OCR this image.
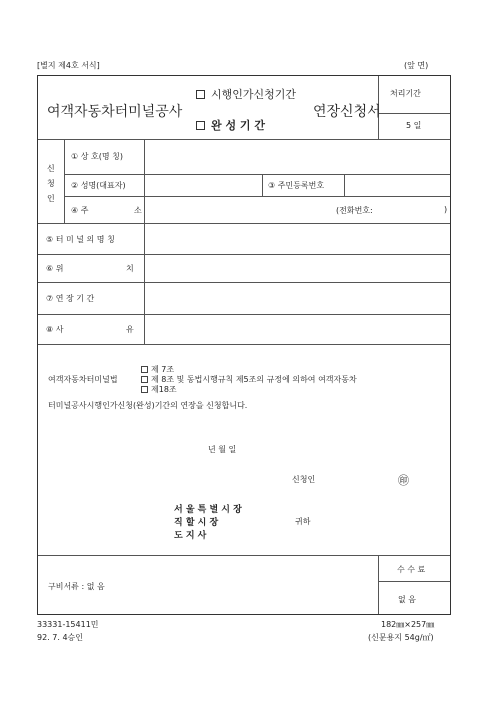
[별지 제4호 서식]	(앞 면)
여객자동차터미널공사
시행인가신청기간
완 성 기 간
연장신청서
처리기간
5 일
신
청
인
① 상 호(명 칭)
② 성명(대표자)	③ 주민등록번호
④ 주	소	(전화번호:	)
⑤ 터 미 널 의 명 칭
⑥ 위	치
⑦ 연 장 기 간
⑧ 사	유
여객자동차터미널법
제 7조
제 8조 및 동법시행규칙 제5조의 규정에 의하여 여객자동차
제18조
터미널공사시행인가신청(완성)기간의 연장을 신청합니다.
년 월 일
신청인	㊞
서 울 특 별 시 장
직 할 시 장
도 지 사
귀하
구비서류 : 없 음
수 수 료
없 음
33331-15411민	182㎜×257㎜
92. 7. 4승인	(신문용지 54g/㎡)
